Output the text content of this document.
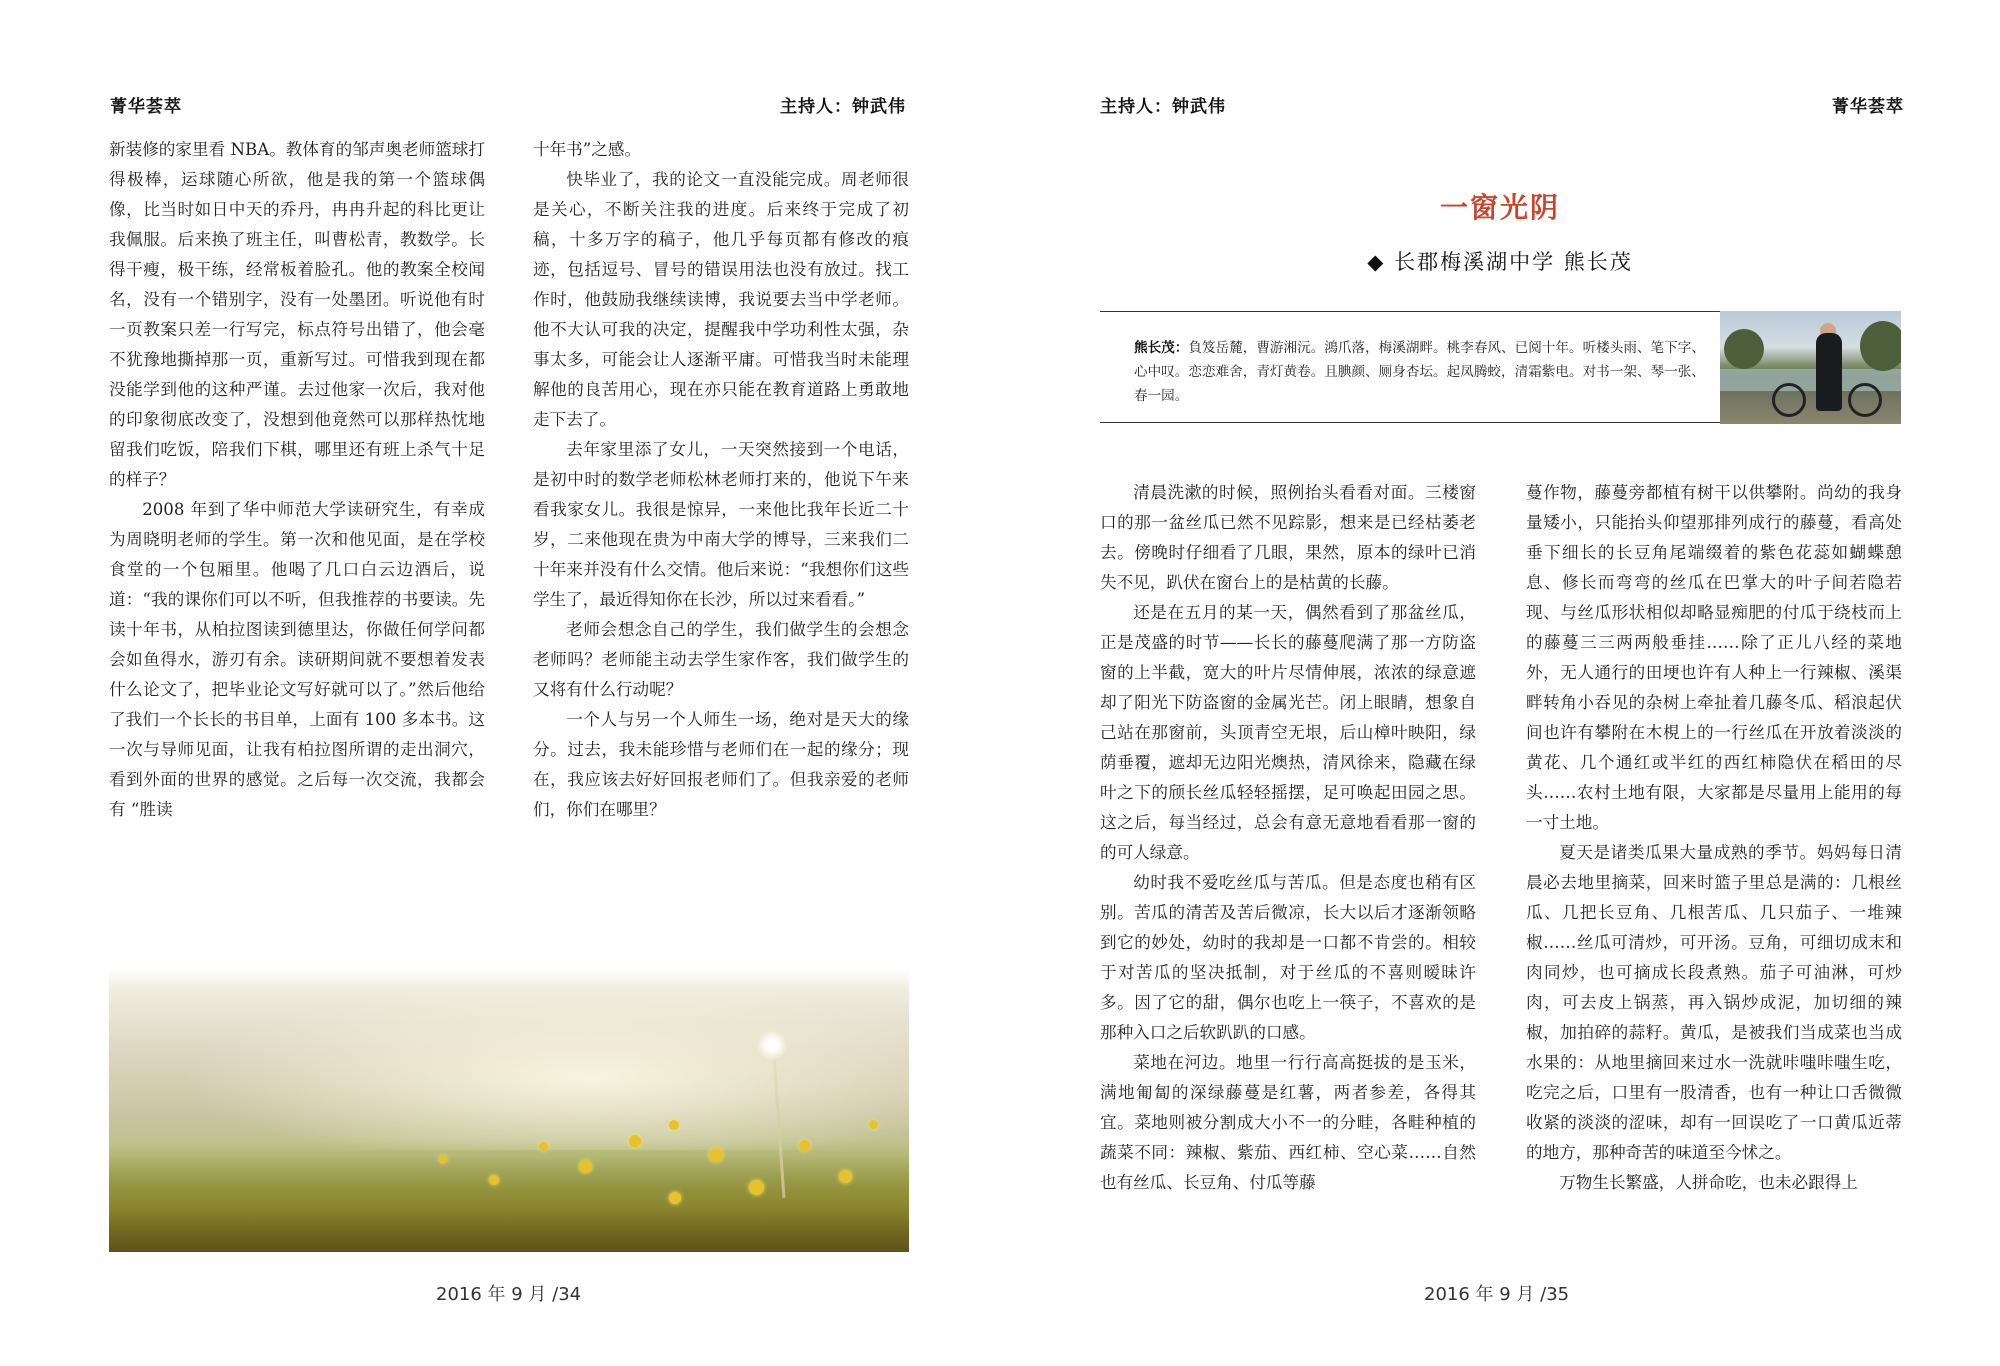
菁华荟萃	主持人：钟武伟

新装修的家里看 NBA。教体育的邹声奥老师篮球打得极棒，运球随心所欲，他是我的第一个篮球偶像，比当时如日中天的乔丹，冉冉升起的科比更让我佩服。后来换了班主任，叫曹松青，教数学。长得干瘦，极干练，经常板着脸孔。他的教案全校闻名，没有一个错别字，没有一处墨团。听说他有时一页教案只差一行写完，标点符号出错了，他会毫不犹豫地撕掉那一页，重新写过。可惜我到现在都没能学到他的这种严谨。去过他家一次后，我对他的印象彻底改变了，没想到他竟然可以那样热忱地留我们吃饭，陪我们下棋，哪里还有班上杀气十足的样子？

2008 年到了华中师范大学读研究生，有幸成为周晓明老师的学生。第一次和他见面，是在学校食堂的一个包厢里。他喝了几口白云边酒后，说道：“我的课你们可以不听，但我推荐的书要读。先读十年书，从柏拉图读到德里达，你做任何学问都会如鱼得水，游刃有余。读研期间就不要想着发表什么论文了，把毕业论文写好就可以了。”然后他给了我们一个长长的书目单，上面有 100 多本书。这一次与导师见面，让我有柏拉图所谓的走出洞穴，看到外面的世界的感觉。之后每一次交流，我都会有 “胜读

十年书”之感。

快毕业了，我的论文一直没能完成。周老师很是关心，不断关注我的进度。后来终于完成了初稿，十多万字的稿子，他几乎每页都有修改的痕迹，包括逗号、冒号的错误用法也没有放过。找工作时，他鼓励我继续读博，我说要去当中学老师。他不大认可我的决定，提醒我中学功利性太强，杂事太多，可能会让人逐渐平庸。可惜我当时未能理解他的良苦用心，现在亦只能在教育道路上勇敢地走下去了。

去年家里添了女儿，一天突然接到一个电话，是初中时的数学老师松林老师打来的，他说下午来看我家女儿。我很是惊异，一来他比我年长近二十岁，二来他现在贵为中南大学的博导，三来我们二十年来并没有什么交情。他后来说：“我想你们这些学生了，最近得知你在长沙，所以过来看看。”

老师会想念自己的学生，我们做学生的会想念老师吗？老师能主动去学生家作客，我们做学生的又将有什么行动呢？

一个人与另一个人师生一场，绝对是天大的缘分。过去，我未能珍惜与老师们在一起的缘分；现在，我应该去好好回报老师们了。但我亲爱的老师们，你们在哪里？

2016 年 9 月 /34
主持人：钟武伟	菁华荟萃
2016 年 9 月 /35
一窗光阴
◆ 长郡梅溪湖中学 熊长茂
熊长茂：負笈岳麓，曹游湘沅。鴻爪落，梅溪湖畔。桃李春风、已阅十年。听楼头雨、笔下字、心中叹。恋恋难舍，青灯黄卷。且腆颜、厕身杏坛。起凤腾蛟，清霜紫电。对书一架、琴一张、春一园。

清晨洗漱的时候，照例抬头看看对面。三楼窗口的那一盆丝瓜已然不见踪影，想来是已经枯萎老去。傍晚时仔细看了几眼，果然，原本的绿叶已消失不见，趴伏在窗台上的是枯黄的长藤。

还是在五月的某一天，偶然看到了那盆丝瓜，正是茂盛的时节——长长的藤蔓爬满了那一方防盗窗的上半截，宽大的叶片尽情伸展，浓浓的绿意遮却了阳光下防盗窗的金属光芒。闭上眼睛，想象自己站在那窗前，头顶青空无垠，后山樟叶映阳，绿荫垂覆，遮却无边阳光燠热，清风徐来，隐藏在绿叶之下的颀长丝瓜轻轻摇摆，足可唤起田园之思。这之后，每当经过，总会有意无意地看看那一窗的的可人绿意。

幼时我不爱吃丝瓜与苦瓜。但是态度也稍有区别。苦瓜的清苦及苦后微凉，长大以后才逐渐领略到它的妙处，幼时的我却是一口都不肯尝的。相较于对苦瓜的坚决抵制，对于丝瓜的不喜则暧昧许多。因了它的甜，偶尔也吃上一筷子，不喜欢的是那种入口之后软趴趴的口感。

菜地在河边。地里一行行高高挺拔的是玉米，满地匍匐的深绿藤蔓是红薯，两者参差，各得其宜。菜地则被分割成大小不一的分畦，各畦种植的蔬菜不同：辣椒、紫茄、西红柿、空心菜……自然也有丝瓜、长豆角、付瓜等藤

蔓作物，藤蔓旁都植有树干以供攀附。尚幼的我身量矮小，只能抬头仰望那排列成行的藤蔓，看高处垂下细长的长豆角尾端缀着的紫色花蕊如蝴蝶憩息、修长而弯弯的丝瓜在巴掌大的叶子间若隐若现、与丝瓜形状相似却略显痴肥的付瓜于绕枝而上的藤蔓三三两两般垂挂……除了正儿八经的菜地外，无人通行的田埂也许有人种上一行辣椒、溪渠畔转角小吞见的杂树上牵扯着几藤冬瓜、稻浪起伏间也许有攀附在木梘上的一行丝瓜在开放着淡淡的黄花、几个通红或半红的西红柿隐伏在稻田的尽头……农村土地有限，大家都是尽量用上能用的每一寸土地。

夏天是诸类瓜果大量成熟的季节。妈妈每日清晨必去地里摘菜，回来时篮子里总是满的：几根丝瓜、几把长豆角、几根苦瓜、几只茄子、一堆辣椒……丝瓜可清炒，可开汤。豆角，可细切成末和肉同炒，也可摘成长段煮熟。茄子可油淋，可炒肉，可去皮上锅蒸，再入锅炒成泥，加切细的辣椒，加拍碎的蒜籽。黄瓜，是被我们当成菜也当成水果的：从地里摘回来过水一洗就咔嗤咔嗤生吃，吃完之后，口里有一股清香，也有一种让口舌微微收紧的淡淡的涩味，却有一回误吃了一口黄瓜近蒂的地方，那种奇苦的味道至今怵之。

万物生长繁盛，人拼命吃，也未必跟得上
